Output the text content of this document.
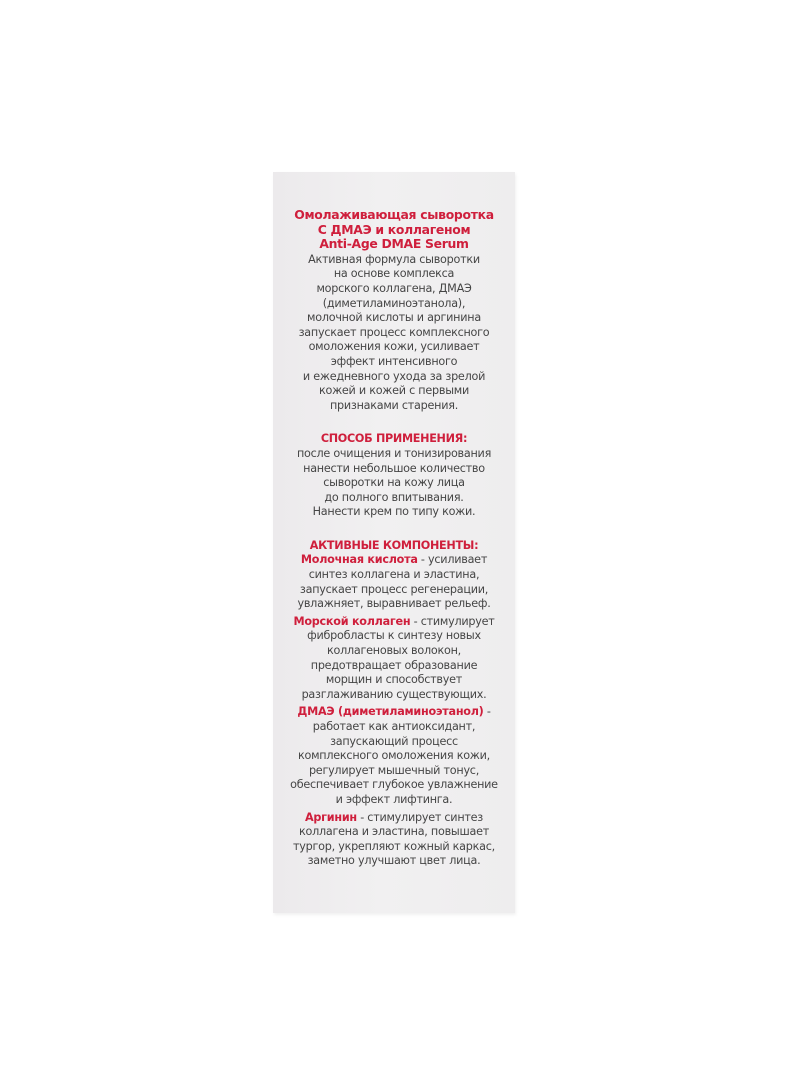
Омолаживающая сыворотка
С ДМАЭ и коллагеном
Anti-Age DMAE Serum
Активная формула сыворотки
на основе комплекса
морского коллагена, ДМАЭ
(диметиламиноэтанола),
молочной кислоты и аргинина
запускает процесс комплексного
омоложения кожи, усиливает
эффект интенсивного
и ежедневного ухода за зрелой
кожей и кожей с первыми
признаками старения.
СПОСОБ ПРИМЕНЕНИЯ:
после очищения и тонизирования
нанести небольшое количество
сыворотки на кожу лица
до полного впитывания.
Нанести крем по типу кожи.
АКТИВНЫЕ КОМПОНЕНТЫ:
Молочная кислота - усиливает
синтез коллагена и эластина,
запускает процесс регенерации,
увлажняет, выравнивает рельеф.
Морской коллаген - стимулирует
фибробласты к синтезу новых
коллагеновых волокон,
предотвращает образование
морщин и способствует
разглаживанию существующих.
ДМАЭ (диметиламиноэтанол) -
работает как антиоксидант,
запускающий процесс
комплексного омоложения кожи,
регулирует мышечный тонус,
обеспечивает глубокое увлажнение
и эффект лифтинга.
Аргинин - стимулирует синтез
коллагена и эластина, повышает
тургор, укрепляют кожный каркас,
заметно улучшают цвет лица.
